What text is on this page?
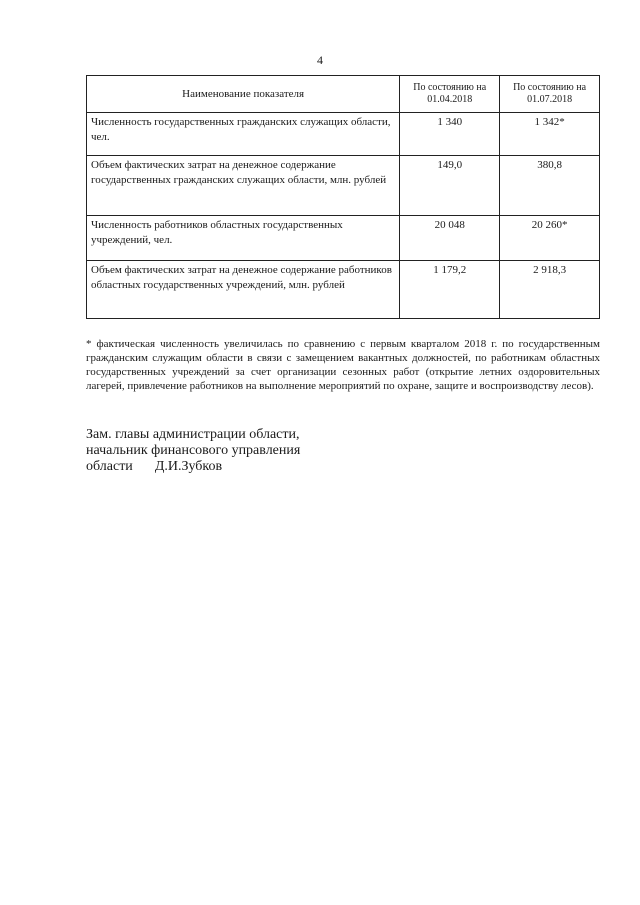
4
Наименование показателя	По состоянию на 01.04.2018	По состоянию на 01.07.2018
Численность государственных гражданских служащих области, чел.	1 340	1 342*
Объем фактических затрат на денежное содержание государственных гражданских служащих области, млн. рублей	149,0	380,8
Численность работников областных государственных учреждений, чел.	20 048	20 260*
Объем фактических затрат на денежное содержание работников областных государственных учреждений, млн. рублей	1 179,2	2 918,3
* фактическая численность увеличилась по сравнению с первым кварталом 2018 г. по государственным гражданским служащим области в связи с замещением вакантных должностей, по работникам областных государственных учреждений за счет организации сезонных работ (открытие летних оздоровительных лагерей, привлечение работников на выполнение мероприятий по охране, защите и воспроизводству лесов).
Зам. главы администрации области,
начальник финансового управления
области Д.И.Зубков
